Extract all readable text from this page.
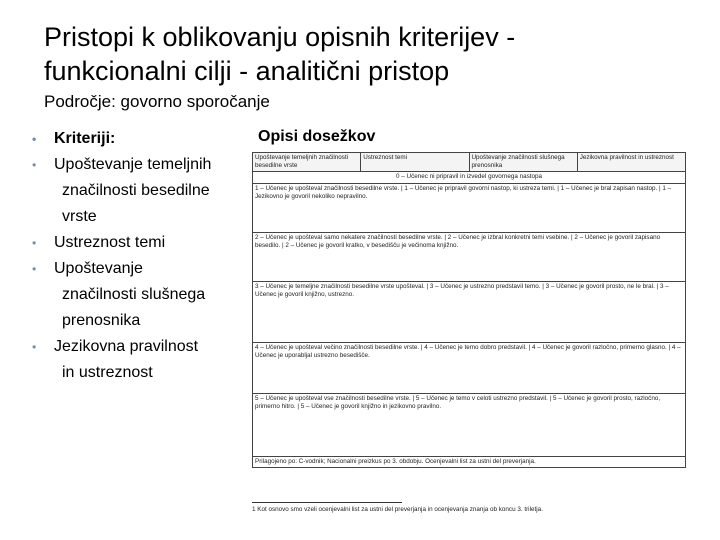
Pristopi k oblikovanju opisnih kriterijev -
funkcionalni cilji - analitični pristop
Področje: govorno sporočanje
• Kriteriji:
• Upoštevanje temeljnih
značilnosti besedilne
vrste
• Ustreznost temi
• Upoštevanje
značilnosti slušnega
prenosnika
• Jezikovna pravilnost
in ustreznost
Opisi dosežkov
Upoštevanje temeljnih značilnosti besedilne vrste	Ustreznost temi	Upoštevanje značilnosti slušnega prenosnika	Jezikovna pravilnost in ustreznost
0 – Učenec ni pripravil in izvedel govornega nastopa
1 – Učenec je upošteval značilnosti besedilne vrste. | 1 – Učenec je pripravil govorni nastop, ki ustreza temi. | 1 – Učenec je bral zapisan nastop. | 1 – Jezikovno je govoril nekoliko nepravilno.
2 – Učenec je upošteval samo nekatere značilnosti besedilne vrste. | 2 – Učenec je izbral konkretni temi vsebine. | 2 – Učenec je govoril zapisano besedilo. | 2 – Učenec je govoril kratko, v besedišču je večinoma knjižno.
3 – Učenec je temeljne značilnosti besedilne vrste upošteval. | 3 – Učenec je ustrezno predstavil temo. | 3 – Učenec je govoril prosto, ne le bral. | 3 – Učenec je govoril knjižno, ustrezno.
4 – Učenec je upošteval večino značilnosti besedilne vrste. | 4 – Učenec je temo dobro predstavil. | 4 – Učenec je govoril razločno, primerno glasno. | 4 – Učenec je uporabljal ustrezno besedišče.
5 – Učenec je upošteval vse značilnosti besedilne vrste. | 5 – Učenec je temo v celoti ustrezno predstavil. | 5 – Učenec je govoril prosto, razločno, primerno hitro. | 5 – Učenec je govoril knjižno in jezikovno pravilno.
Prilagojeno po: C-vodnik; Nacionalni preizkus po 3. obdobju. Ocenjevalni list za ustni del preverjanja.
1 Kot osnovo smo vzeli ocenjevalni list za ustni del preverjanja in ocenjevanja znanja ob koncu 3. triletja.
